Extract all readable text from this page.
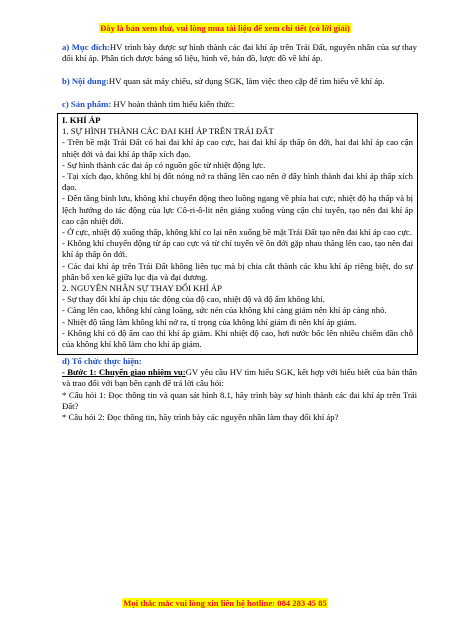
Đây là bản xem thử, vui lòng mua tài liệu để xem chi tiết (có lời giải)
a) Mục đích:HV trình bày được sự hình thành các đai khí áp trên Trái Đất, nguyên nhân của sự thay đổi khí áp. Phân tích được bảng số liệu, hình vẽ, bản đồ, lược đồ về khí áp.
b) Nội dung:HV quan sát máy chiếu, sử dụng SGK, làm việc theo cặp để tìm hiểu về khí áp.
c) Sản phẩm: HV hoàn thành tìm hiểu kiến thức:

I. KHÍ ÁP

1. SỰ HÌNH THÀNH CÁC ĐAI KHÍ ÁP TRÊN TRÁI ĐẤT

- Trên bề mặt Trái Đất có hai đai khí áp cao cực, hai đai khí áp thấp ôn đới, hai đai khí áp cao cận nhiệt đới và đai khí áp thấp xích đạo.

- Sự hình thành các đai áp có nguồn gốc từ nhiệt động lực.

- Tại xích đạo, không khí bị đốt nóng nở ra thăng lên cao nên ở đây hình thành đai khí áp thấp xích đạo.

- Đến tầng bình lưu, không khí chuyển động theo luồng ngang về phía hai cực, nhiệt độ hạ thấp và bị lệch hướng do tác động của lực Cô-ri-ô-lit nên giáng xuống vùng cận chí tuyến, tạo nên đai khí áp cao cận nhiệt đới.

- Ở cực, nhiệt độ xuống thấp, không khí co lại nên xuống bề mặt Trái Đất tạo nên đai khí áp cao cực.

- Không khí chuyển động từ áp cao cực và từ chí tuyến về ôn đới gặp nhau thăng lên cao, tạo nên đai khí áp thấp ôn đới.

- Các đai khí áp trên Trái Đất không liên tục mà bị chia cắt thành các khu khí áp riêng biệt, do sự phân bố xen kẽ giữa lục địa và đại dương.

2. NGUYÊN NHÂN SỰ THAY ĐỔI KHÍ ÁP

- Sự thay đổi khí áp chịu tác động của độ cao, nhiệt độ và độ ẩm không khí.

- Càng lên cao, không khí càng loãng, sức nén của không khí càng giảm nên khí áp càng nhỏ.

- Nhiệt độ tăng làm không khí nở ra, tỉ trọng của không khí giảm đi nên khí áp giảm.

- Không khí có độ ẩm cao thì khí áp giảm. Khi nhiệt độ cao, hơi nước bốc lên nhiều chiếm dần chỗ của không khí khô làm cho khí áp giảm.

d) Tổ chức thực hiện:
- Bước 1: Chuyển giao nhiệm vụ:GV yêu cầu HV tìm hiểu SGK, kết hợp với hiểu biết của bản thân và trao đổi với bạn bên cạnh để trả lời câu hỏi:
* Câu hỏi 1: Đọc thông tin và quan sát hình 8.1, hãy trình bày sự hình thành các đai khí áp trên Trái Đất?
* Câu hỏi 2: Đọc thông tin, hãy trình bày các nguyên nhân làm thay đổi khí áp?
Mọi thắc mắc vui lòng xin liên hệ hotline: 084 283 45 85
